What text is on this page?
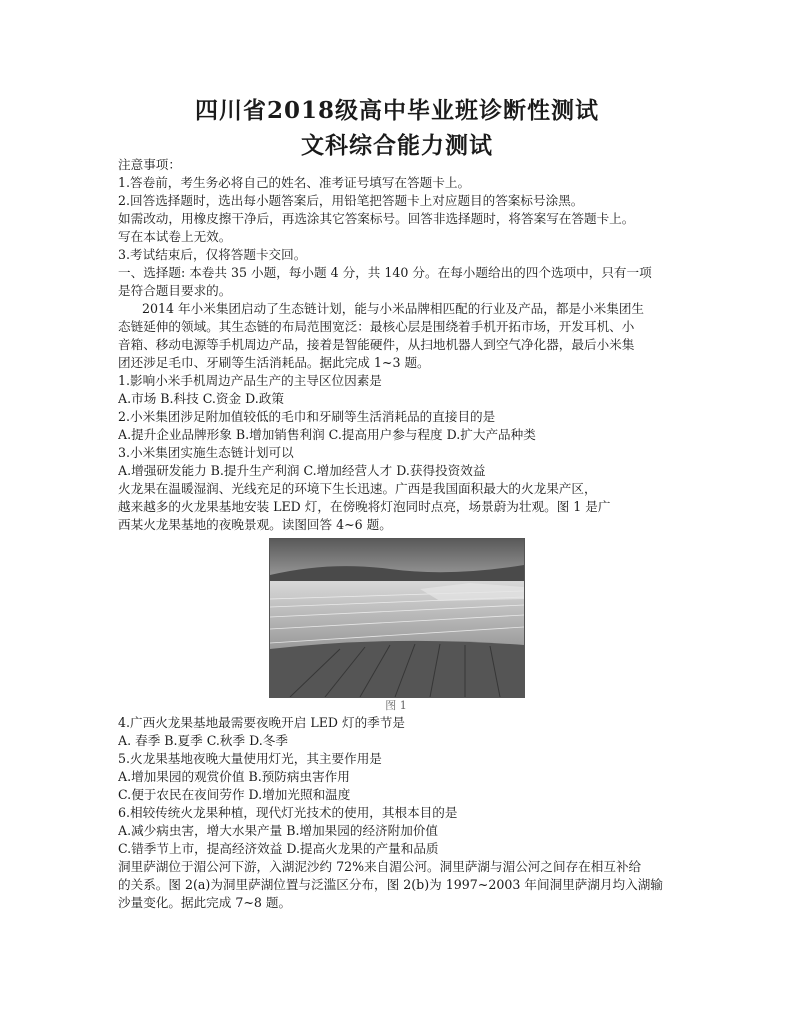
四川省2018级高中毕业班诊断性测试
文科综合能力测试
注意事项：
1.答卷前，考生务必将自己的姓名、准考证号填写在答题卡上。
2.回答选择题时，选出每小题答案后，用铅笔把答题卡上对应题目的答案标号涂黑。
如需改动，用橡皮擦干净后，再选涂其它答案标号。回答非选择题时，将答案写在答题卡上。
写在本试卷上无效。
3.考试结束后，仅将答题卡交回。
一、选择题: 本卷共 35 小题，每小题 4 分，共 140 分。在每小题给出的四个选项中，只有一项
是符合题目要求的。
2014 年小米集团启动了生态链计划，能与小米品牌相匹配的行业及产品，都是小米集团生
态链延伸的领域。其生态链的布局范围宽泛：最核心层是围绕着手机开拓市场，开发耳机、小
音箱、移动电源等手机周边产品，接着是智能硬件，从扫地机器人到空气净化器，最后小米集
团还涉足毛巾、牙刷等生活消耗品。据此完成 1~3 题。
1.影响小米手机周边产品生产的主导区位因素是
A.市场 B.科技 C.资金 D.政策
2.小米集团涉足附加值较低的毛巾和牙刷等生活消耗品的直接目的是
A.提升企业品牌形象 B.增加销售利润 C.提高用户参与程度 D.扩大产品种类
3.小米集团实施生态链计划可以
A.增强研发能力 B.提升生产利润 C.增加经营人才 D.获得投资效益
火龙果在温暖湿润、光线充足的环境下生长迅速。广西是我国面积最大的火龙果产区，
越来越多的火龙果基地安装 LED 灯，在傍晚将灯泡同时点亮，场景蔚为壮观。图 1 是广
西某火龙果基地的夜晚景观。读图回答 4~6 题。
图 1
4.广西火龙果基地最需要夜晚开启 LED 灯的季节是
A. 春季 B.夏季 C.秋季 D.冬季
5.火龙果基地夜晚大量使用灯光，其主要作用是
A.增加果园的观赏价值 B.预防病虫害作用
C.便于农民在夜间劳作 D.增加光照和温度
6.相较传统火龙果种植，现代灯光技术的使用，其根本目的是
A.减少病虫害，增大水果产量 B.增加果园的经济附加价值
C.错季节上市，提高经济效益 D.提高火龙果的产量和品质
洞里萨湖位于湄公河下游，入湖泥沙约 72%来自湄公河。洞里萨湖与湄公河之间存在相互补给
的关系。图 2(a)为洞里萨湖位置与泛滥区分布，图 2(b)为 1997~2003 年间洞里萨湖月均入湖输
沙量变化。据此完成 7~8 题。
